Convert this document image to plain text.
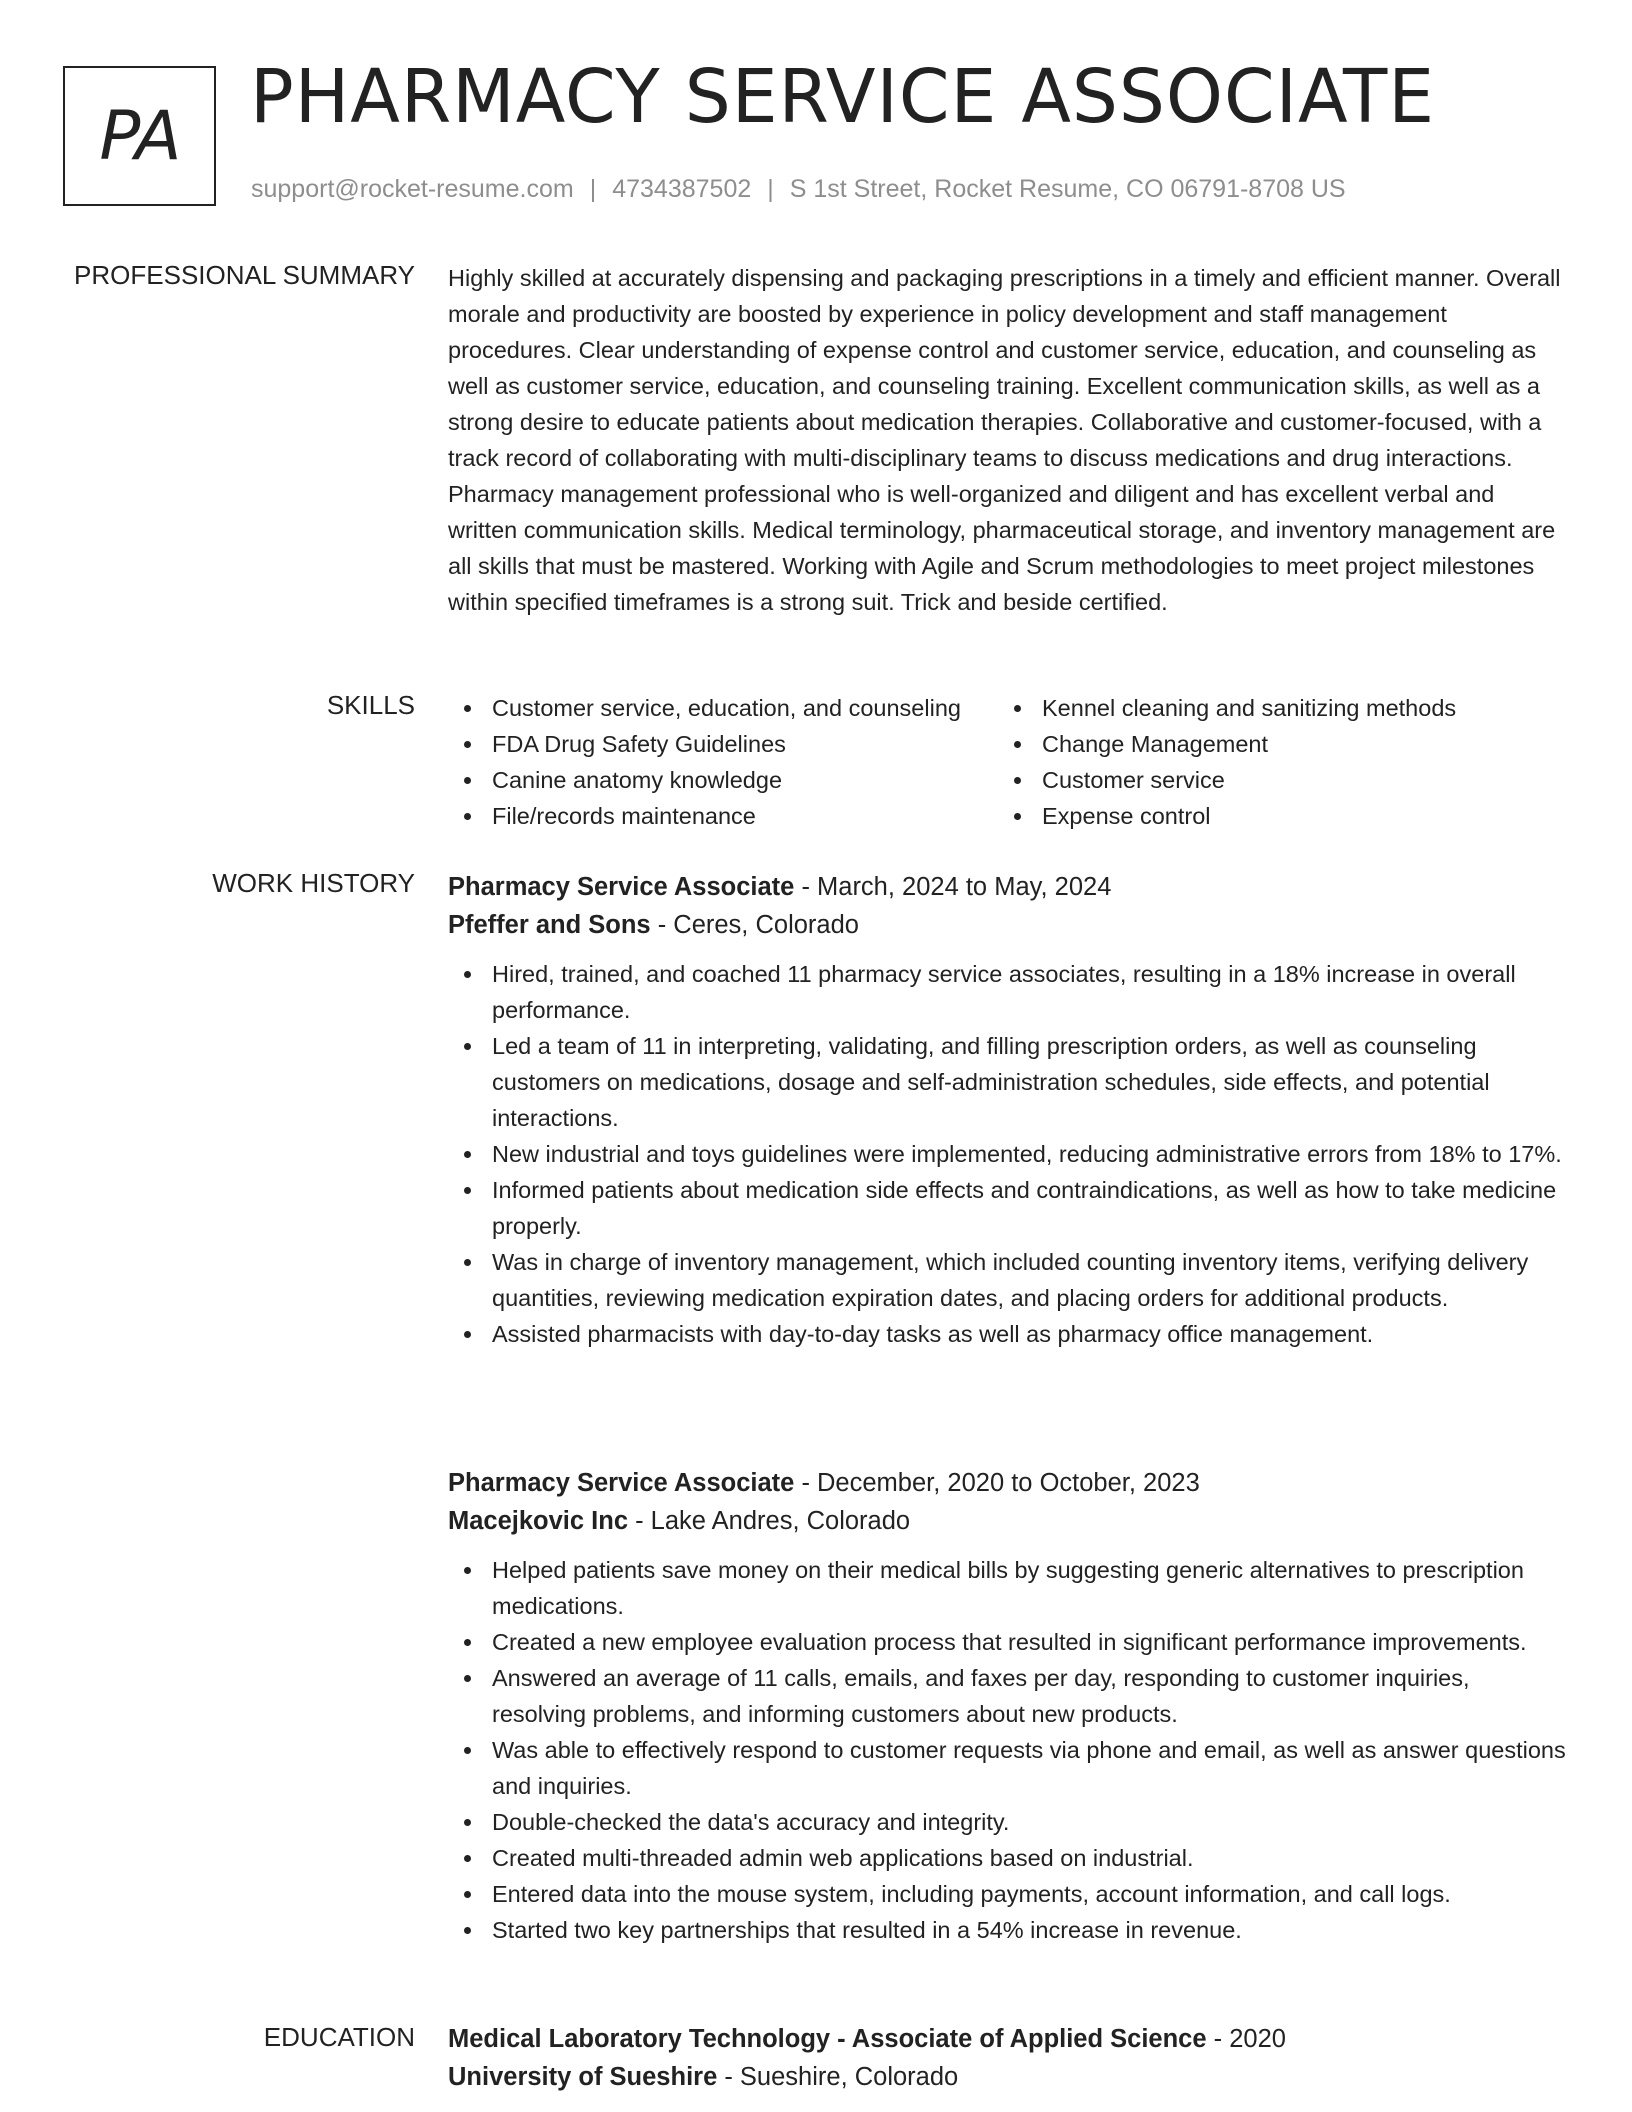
PA PHARMACY SERVICE ASSOCIATE
support@rocket-resume.com | 4734387502 | S 1st Street, Rocket Resume, CO 06791-8708 US
PROFESSIONAL SUMMARY Highly skilled at accurately dispensing and packaging prescriptions in a timely and efficient manner. Overall morale and productivity are boosted by experience in policy development and staff management procedures. Clear understanding of expense control and customer service, education, and counseling as well as customer service, education, and counseling training. Excellent communication skills, as well as a strong desire to educate patients about medication therapies. Collaborative and customer-focused, with a track record of collaborating with multi-disciplinary teams to discuss medications and drug interactions. Pharmacy management professional who is well-organized and diligent and has excellent verbal and written communication skills. Medical terminology, pharmaceutical storage, and inventory management are all skills that must be mastered. Working with Agile and Scrum methodologies to meet project milestones within specified timeframes is a strong suit. Trick and beside certified.

SKILLS	Customer service, education, and counseling
FDA Drug Safety Guidelines
Canine anatomy knowledge
File/records maintenance
Kennel cleaning and sanitizing methods
Change Management
Customer service
Expense control
WORK HISTORY Pharmacy Service Associate - March, 2024 to May, 2024
Pfeffer and Sons - Ceres, Colorado
Hired, trained, and coached 11 pharmacy service associates, resulting in a 18% increase in overall performance.
Led a team of 11 in interpreting, validating, and filling prescription orders, as well as counseling customers on medications, dosage and self-administration schedules, side effects, and potential interactions.
New industrial and toys guidelines were implemented, reducing administrative errors from 18% to 17%.
Informed patients about medication side effects and contraindications, as well as how to take medicine properly.
Was in charge of inventory management, which included counting inventory items, verifying delivery quantities, reviewing medication expiration dates, and placing orders for additional products.
Assisted pharmacists with day-to-day tasks as well as pharmacy office management.
Pharmacy Service Associate - December, 2020 to October, 2023
Macejkovic Inc - Lake Andres, Colorado
Helped patients save money on their medical bills by suggesting generic alternatives to prescription medications.
Created a new employee evaluation process that resulted in significant performance improvements.
Answered an average of 11 calls, emails, and faxes per day, responding to customer inquiries, resolving problems, and informing customers about new products.
Was able to effectively respond to customer requests via phone and email, as well as answer questions and inquiries.
Double-checked the data's accuracy and integrity.
Created multi-threaded admin web applications based on industrial.
Entered data into the mouse system, including payments, account information, and call logs.
Started two key partnerships that resulted in a 54% increase in revenue.
EDUCATION Medical Laboratory Technology - Associate of Applied Science - 2020
University of Sueshire - Sueshire, Colorado
